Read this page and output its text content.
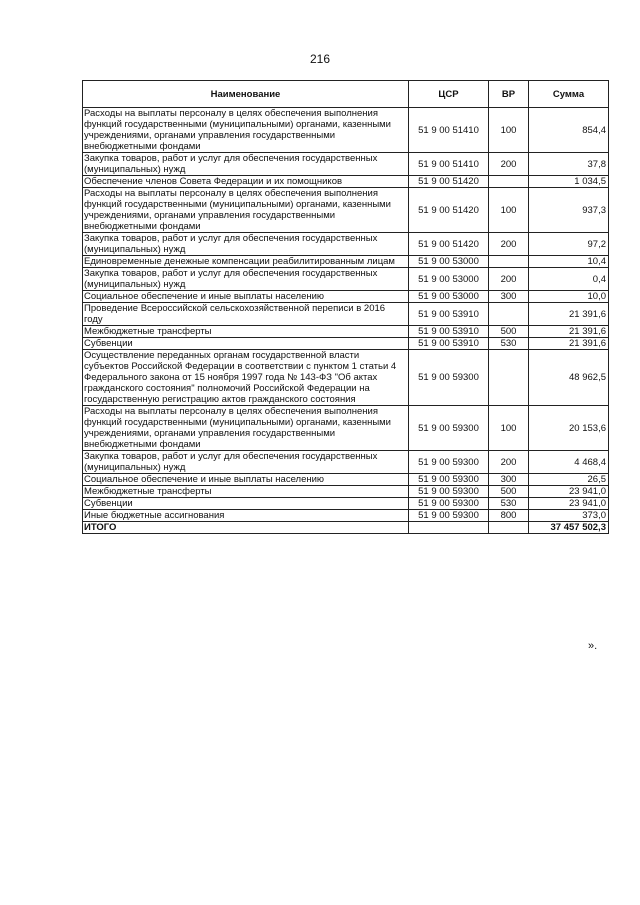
216
Наименование	ЦСР	ВР	Сумма
Расходы на выплаты персоналу в целях обеспечения выполнения функций государственными (муниципальными) органами, казенными учреждениями, органами управления государственными внебюджетными фондами	51 9 00 51410	100	854,4
Закупка товаров, работ и услуг для обеспечения государственных (муниципальных) нужд	51 9 00 51410	200	37,8
Обеспечение членов Совета Федерации и их помощников	51 9 00 51420		1 034,5
Расходы на выплаты персоналу в целях обеспечения выполнения функций государственными (муниципальными) органами, казенными учреждениями, органами управления государственными внебюджетными фондами	51 9 00 51420	100	937,3
Закупка товаров, работ и услуг для обеспечения государственных (муниципальных) нужд	51 9 00 51420	200	97,2
Единовременные денежные компенсации реабилитированным лицам	51 9 00 53000		10,4
Закупка товаров, работ и услуг для обеспечения государственных (муниципальных) нужд	51 9 00 53000	200	0,4
Социальное обеспечение и иные выплаты населению	51 9 00 53000	300	10,0
Проведение Всероссийской сельскохозяйственной переписи в 2016 году	51 9 00 53910		21 391,6
Межбюджетные трансферты	51 9 00 53910	500	21 391,6
Субвенции	51 9 00 53910	530	21 391,6
Осуществление переданных органам государственной власти субъектов Российской Федерации в соответствии с пунктом 1 статьи 4 Федерального закона от 15 ноября 1997 года № 143-ФЗ "Об актах гражданского состояния" полномочий Российской Федерации на государственную регистрацию актов гражданского состояния	51 9 00 59300		48 962,5
Расходы на выплаты персоналу в целях обеспечения выполнения функций государственными (муниципальными) органами, казенными учреждениями, органами управления государственными внебюджетными фондами	51 9 00 59300	100	20 153,6
Закупка товаров, работ и услуг для обеспечения государственных (муниципальных) нужд	51 9 00 59300	200	4 468,4
Социальное обеспечение и иные выплаты населению	51 9 00 59300	300	26,5
Межбюджетные трансферты	51 9 00 59300	500	23 941,0
Субвенции	51 9 00 59300	530	23 941,0
Иные бюджетные ассигнования	51 9 00 59300	800	373,0
ИТОГО			37 457 502,3
».
